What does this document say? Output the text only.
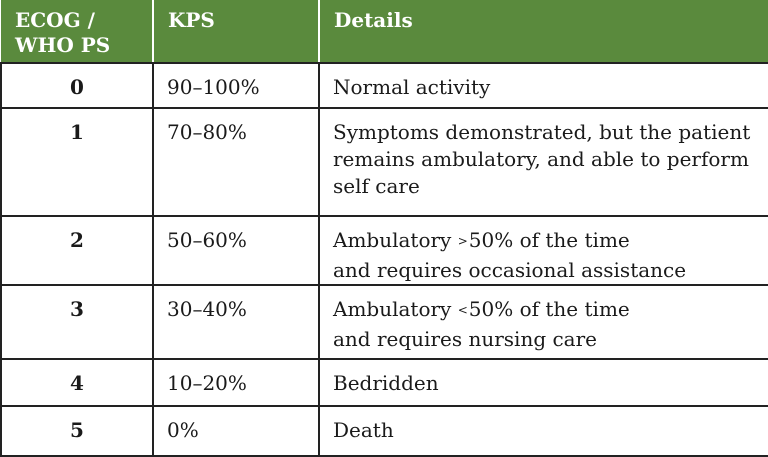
ECOG /
WHO PS	KPS	Details
0	90–100%	Normal activity

1	70–80%	Symptoms demonstrated, but the patient
remains ambulatory, and able to perform
self care

2	50–60%	Ambulatory >50% of the time
and requires occasional assistance

3	30–40%	Ambulatory <50% of the time
and requires nursing care

4	10–20%	Bedridden

5	0%	Death
